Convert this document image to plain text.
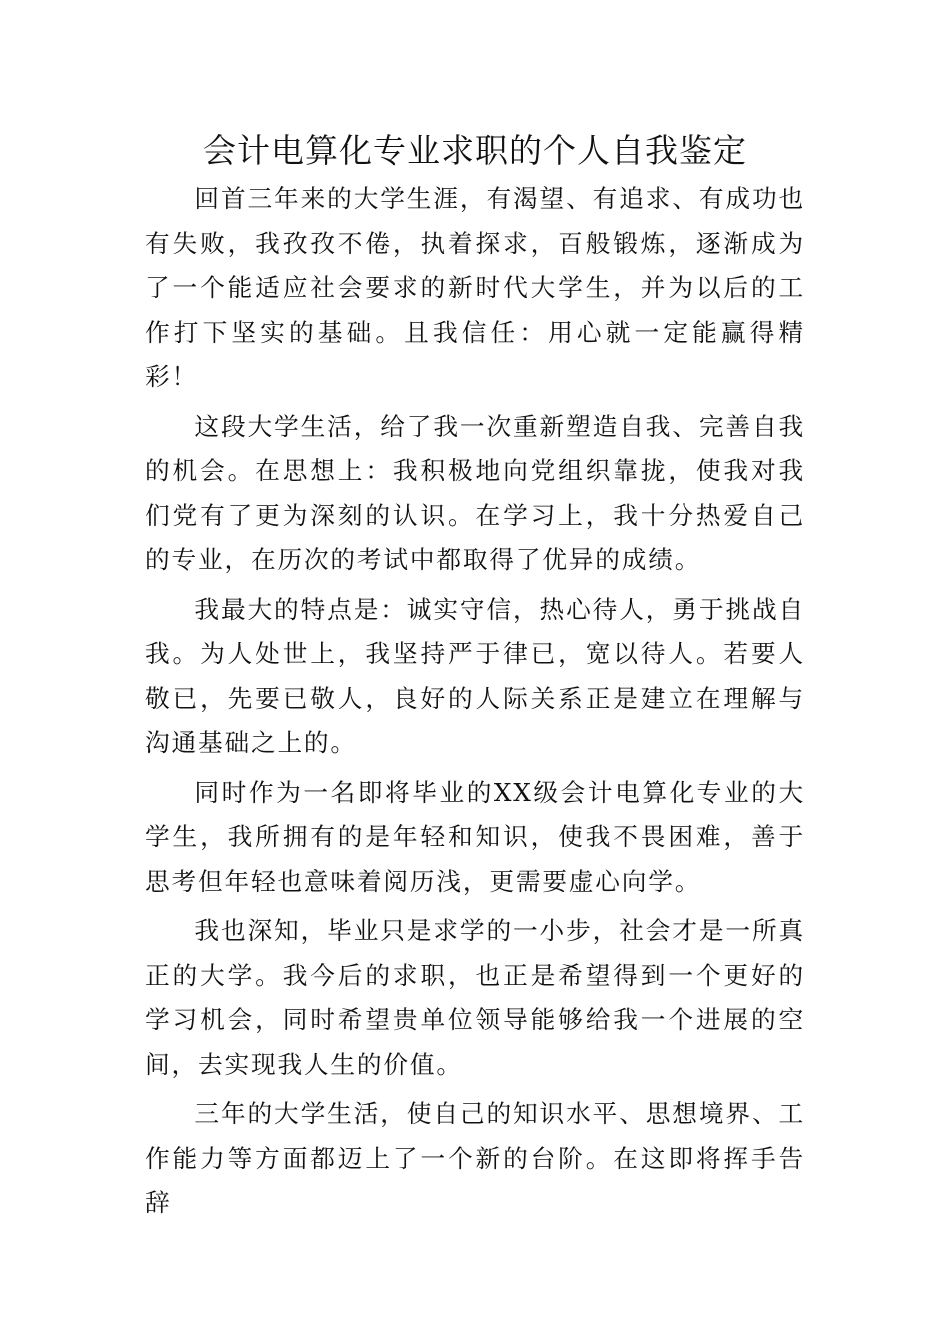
会计电算化专业求职的个人自我鉴定

回首三年来的大学生涯，有渴望、有追求、有成功也有失败，我孜孜不倦，执着探求，百般锻炼，逐渐成为了一个能适应社会要求的新时代大学生，并为以后的工作打下坚实的基础。且我信任：用心就一定能赢得精彩！

这段大学生活，给了我一次重新塑造自我、完善自我的机会。在思想上：我积极地向党组织靠拢，使我对我们党有了更为深刻的认识。在学习上，我十分热爱自己的专业，在历次的考试中都取得了优异的成绩。

我最大的特点是：诚实守信，热心待人，勇于挑战自我。为人处世上，我坚持严于律已，宽以待人。若要人敬已，先要已敬人，良好的人际关系正是建立在理解与沟通基础之上的。

同时作为一名即将毕业的XX级会计电算化专业的大学生，我所拥有的是年轻和知识，使我不畏困难，善于思考但年轻也意味着阅历浅，更需要虚心向学。

我也深知，毕业只是求学的一小步，社会才是一所真正的大学。我今后的求职，也正是希望得到一个更好的学习机会，同时希望贵单位领导能够给我一个进展的空间，去实现我人生的价值。

三年的大学生活，使自己的知识水平、思想境界、工作能力等方面都迈上了一个新的台阶。在这即将挥手告辞
